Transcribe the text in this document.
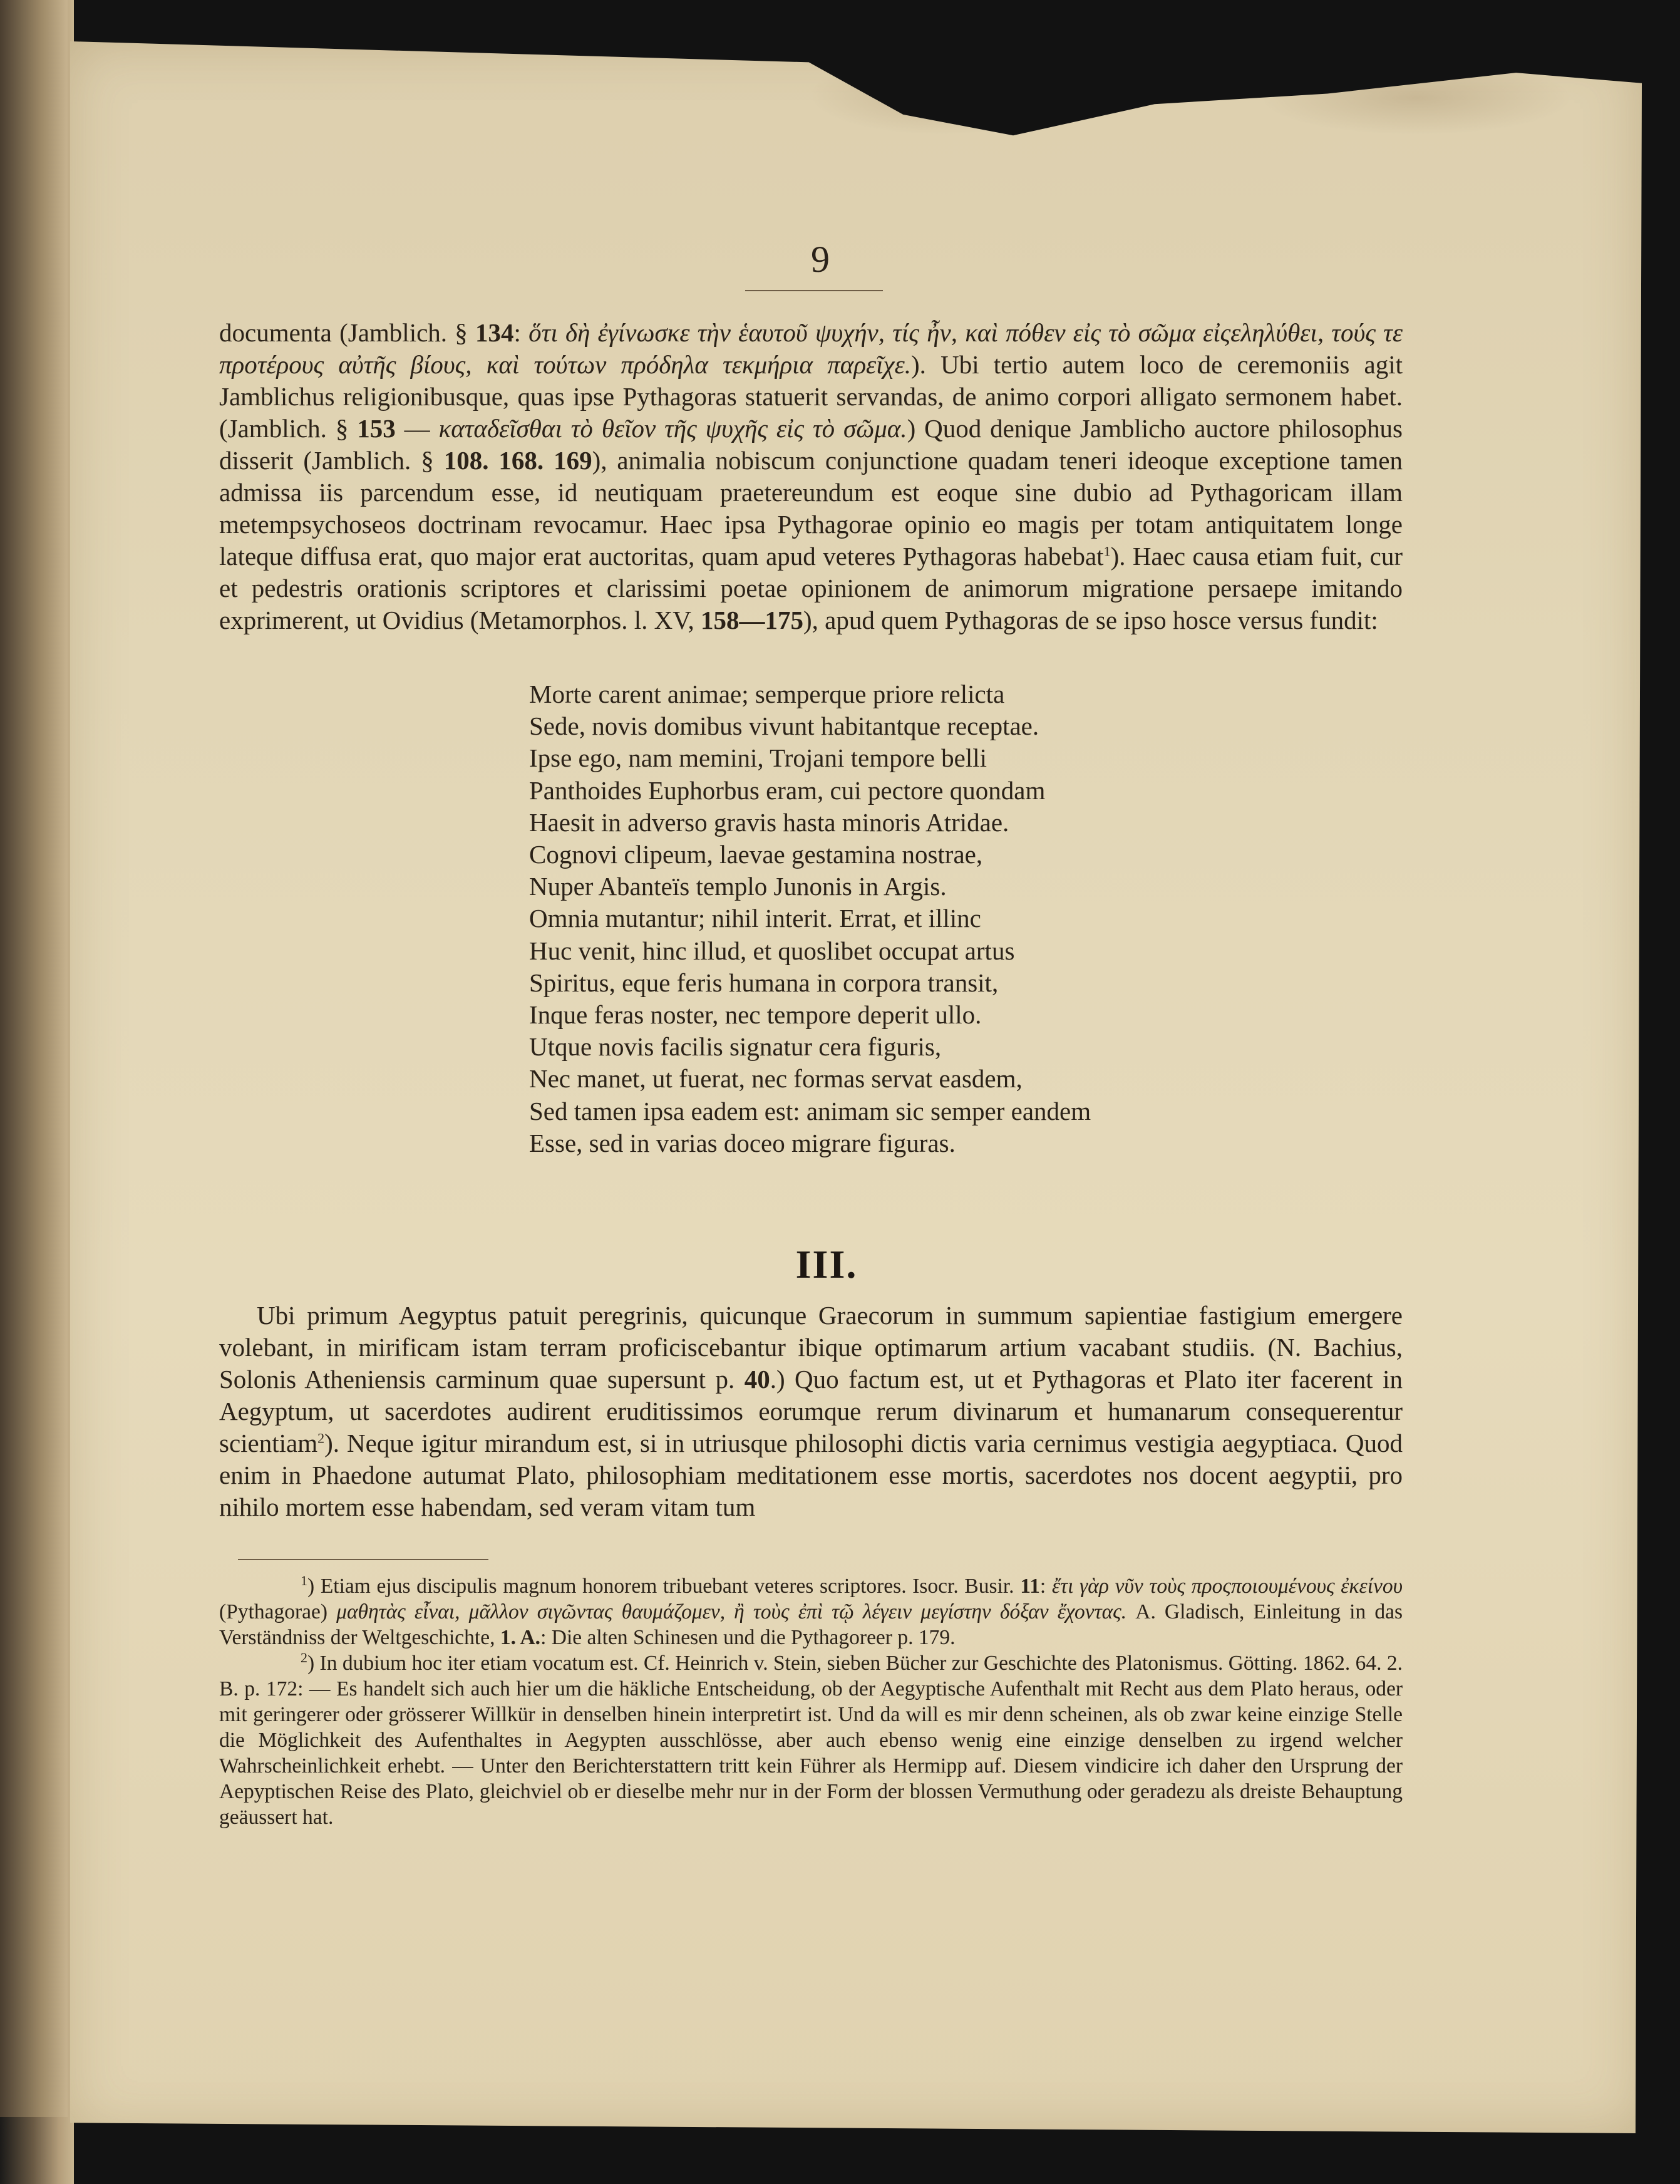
9

documenta (Jamblich. § 134: ὅτι δὴ ἐγίνωσκε τὴν ἑαυτοῦ ψυχήν, τίς ἦν, καὶ πόθεν εἰς τὸ σῶμα εἰςεληλύθει, τούς τε προτέρους αὐτῆς βίους, καὶ τούτων πρόδηλα τεκμήρια παρεῖχε.). Ubi tertio autem loco de ceremoniis agit Jamblichus religionibusque, quas ipse Pythagoras statuerit servandas, de animo corpori alligato sermonem habet. (Jamblich. § 153 — καταδεῖσθαι τὸ θεῖον τῆς ψυχῆς εἰς τὸ σῶμα.) Quod denique Jamblicho auctore philosophus disserit (Jamblich. § 108. 168. 169), animalia nobiscum conjunctione quadam teneri ideoque exceptione tamen admissa iis parcendum esse, id neutiquam praetereundum est eoque sine dubio ad Pythagoricam illam metempsychoseos doctrinam revocamur. Haec ipsa Pythagorae opinio eo magis per totam antiquitatem longe lateque diffusa erat, quo major erat auctoritas, quam apud veteres Pythagoras habebat$^1$). Haec causa etiam fuit, cur et pedestris orationis scriptores et clarissimi poetae opinionem de animorum migratione persaepe imitando exprimerent, ut Ovidius (Metamorphos. l. XV, 158—175), apud quem Pythagoras de se ipso hosce versus fundit:

Morte carent animae; semperque priore relicta
Sede, novis domibus vivunt habitantque receptae.
Ipse ego, nam memini, Trojani tempore belli
Panthoides Euphorbus eram, cui pectore quondam
Haesit in adverso gravis hasta minoris Atridae.
Cognovi clipeum, laevae gestamina nostrae,
Nuper Abanteïs templo Junonis in Argis.
Omnia mutantur; nihil interit. Errat, et illinc
Huc venit, hinc illud, et quoslibet occupat artus
Spiritus, eque feris humana in corpora transit,
Inque feras noster, nec tempore deperit ullo.
Utque novis facilis signatur cera figuris,
Nec manet, ut fuerat, nec formas servat easdem,
Sed tamen ipsa eadem est: animam sic semper eandem
Esse, sed in varias doceo migrare figuras.
III.

Ubi primum Aegyptus patuit peregrinis, quicunque Graecorum in summum sapientiae fastigium emergere volebant, in mirificam istam terram proficiscebantur ibique optimarum artium vacabant studiis. (N. Bachius, Solonis Atheniensis carminum quae supersunt p. 40.) Quo factum est, ut et Pythagoras et Plato iter facerent in Aegyptum, ut sacerdotes audirent eruditissimos eorumque rerum divinarum et humanarum consequerentur scientiam$^2$). Neque igitur mirandum est, si in utriusque philosophi dictis varia cernimus vestigia aegyptiaca. Quod enim in Phaedone autumat Plato, philosophiam meditationem esse mortis, sacerdotes nos docent aegyptii, pro nihilo mortem esse habendam, sed veram vitam tum

$^1$) Etiam ejus discipulis magnum honorem tribuebant veteres scriptores. Isocr. Busir. 11: ἔτι γὰρ νῦν τοὺς προςποιουμένους ἐκείνου (Pythagorae) μαθητὰς εἶναι, μᾶλλον σιγῶντας θαυμάζομεν, ἢ τοὺς ἐπὶ τῷ λέγειν μεγίστην δόξαν ἔχοντας. A. Gladisch, Einleitung in das Verständniss der Weltgeschichte, 1. A.: Die alten Schinesen und die Pythagoreer p. 179.

$^2$) In dubium hoc iter etiam vocatum est. Cf. Heinrich v. Stein, sieben Bücher zur Geschichte des Platonismus. Götting. 1862. 64. 2. B. p. 172: — Es handelt sich auch hier um die häkliche Entscheidung, ob der Aegyptische Aufenthalt mit Recht aus dem Plato heraus, oder mit geringerer oder grösserer Willkür in denselben hinein interpretirt ist. Und da will es mir denn scheinen, als ob zwar keine einzige Stelle die Möglichkeit des Aufenthaltes in Aegypten ausschlösse, aber auch ebenso wenig eine einzige denselben zu irgend welcher Wahrscheinlichkeit erhebt. — Unter den Berichterstattern tritt kein Führer als Hermipp auf. Diesem vindicire ich daher den Ursprung der Aepyptischen Reise des Plato, gleichviel ob er dieselbe mehr nur in der Form der blossen Vermuthung oder geradezu als dreiste Behauptung geäussert hat.
